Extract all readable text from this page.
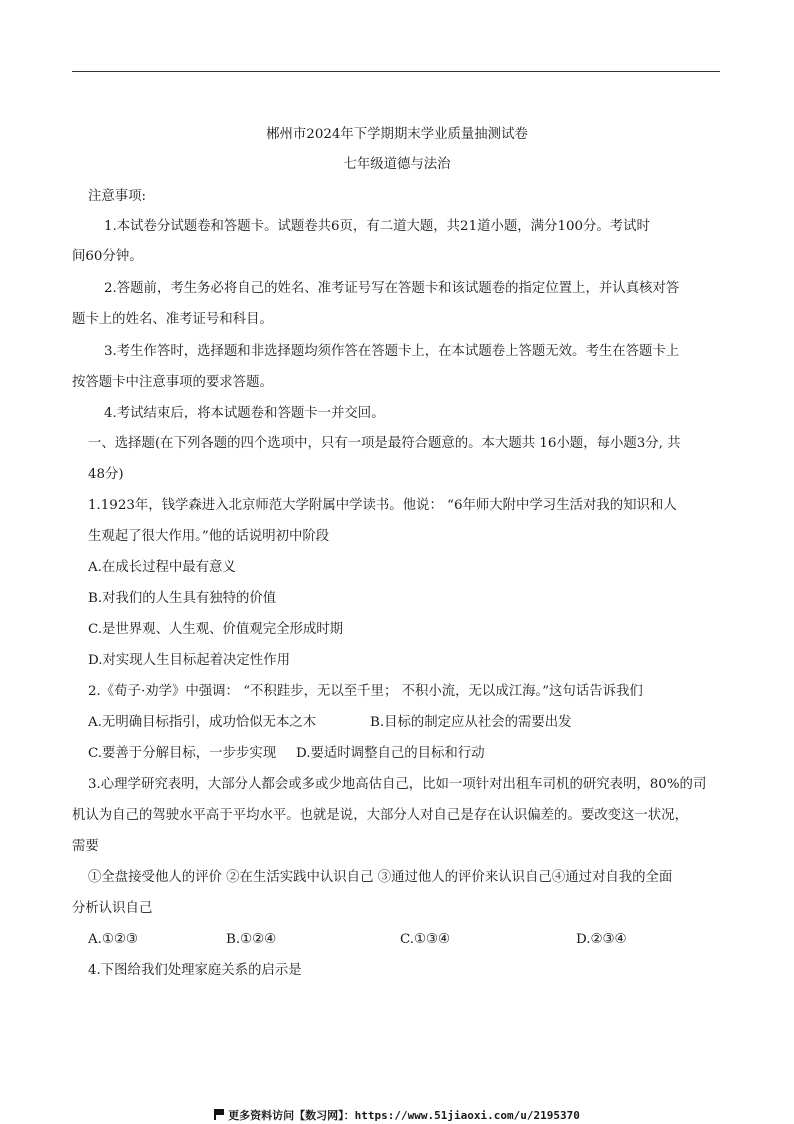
郴州市2024年下学期期末学业质量抽测试卷
七年级道德与法治
注意事项:
1.本试卷分试题卷和答题卡。试题卷共6页，有二道大题，共21道小题，满分100分。考试时
间60分钟。
2.答题前，考生务必将自己的姓名、准考证号写在答题卡和该试题卷的指定位置上，并认真核对答
题卡上的姓名、准考证号和科目。
3.考生作答时，选择题和非选择题均须作答在答题卡上，在本试题卷上答题无效。考生在答题卡上
按答题卡中注意事项的要求答题。
4.考试结束后，将本试题卷和答题卡一并交回。
一、选择题(在下列各题的四个选项中，只有一项是最符合题意的。本大题共 16小题，每小题3分, 共
48分)
1.1923年，钱学森进入北京师范大学附属中学读书。他说： “6年师大附中学习生活对我的知识和人
生观起了很大作用。”他的话说明初中阶段
A.在成长过程中最有意义
B.对我们的人生具有独特的价值
C.是世界观、人生观、价值观完全形成时期
D.对实现人生目标起着决定性作用
2.《荀子·劝学》中强调： “不积跬步，无以至千里； 不积小流，无以成江海。”这句话告诉我们
A.无明确目标指引，成功恰似无本之木	B.目标的制定应从社会的需要出发
C.要善于分解目标，一步步实现 D.要适时调整自己的目标和行动
3.心理学研究表明，大部分人都会或多或少地高估自己，比如一项针对出租车司机的研究表明，80%的司
机认为自己的驾驶水平高于平均水平。也就是说，大部分人对自己是存在认识偏差的。要改变这一状况，
需要
①全盘接受他人的评价 ②在生活实践中认识自己 ③通过他人的评价来认识自己④通过对自我的全面
分析认识自己
A.①②③	B.①②④	C.①③④	D.②③④
4.下图给我们处理家庭关系的启示是
更多资料访问【数习网】：https://www.51jiaoxi.com/u/2195370
